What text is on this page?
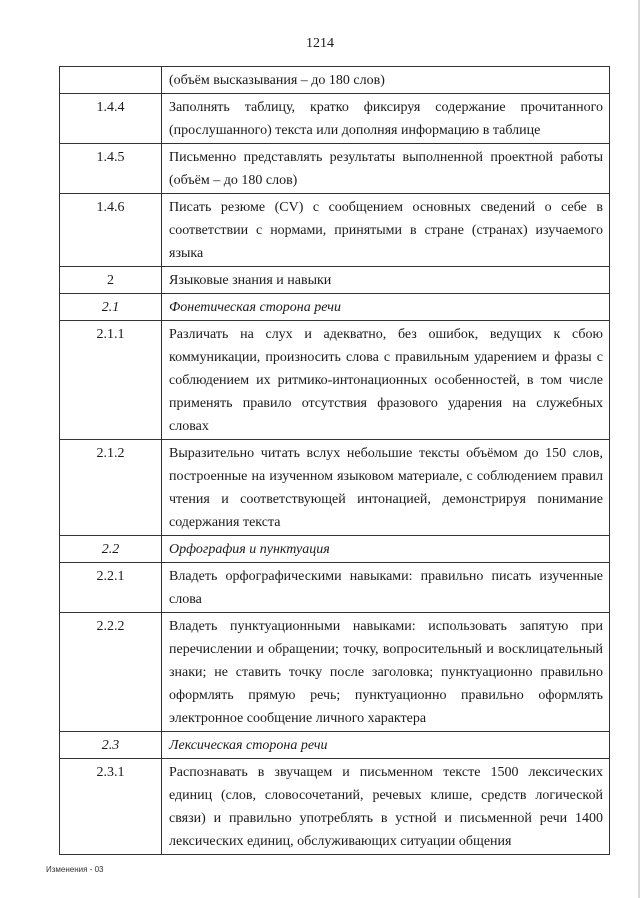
1214
	(объём высказывания – до 180 слов)
1.4.4	Заполнять таблицу, кратко фиксируя содержание прочитанного (прослушанного) текста или дополняя информацию в таблице
1.4.5	Письменно представлять результаты выполненной проектной работы (объём – до 180 слов)
1.4.6	Писать резюме (CV) с сообщением основных сведений о себе в соответствии с нормами, принятыми в стране (странах) изучаемого языка
2	Языковые знания и навыки
2.1	Фонетическая сторона речи
2.1.1	Различать на слух и адекватно, без ошибок, ведущих к сбою коммуникации, произносить слова с правильным ударением и фразы с соблюдением их ритмико-интонационных особенностей, в том числе применять правило отсутствия фразового ударения на служебных словах
2.1.2	Выразительно читать вслух небольшие тексты объёмом до 150 слов, построенные на изученном языковом материале, с соблюдением правил чтения и соответствующей интонацией, демонстрируя понимание содержания текста
2.2	Орфография и пунктуация
2.2.1	Владеть орфографическими навыками: правильно писать изученные слова
2.2.2	Владеть пунктуационными навыками: использовать запятую при перечислении и обращении; точку, вопросительный и восклицательный знаки; не ставить точку после заголовка; пунктуационно правильно оформлять прямую речь; пунктуационно правильно оформлять электронное сообщение личного характера
2.3	Лексическая сторона речи
2.3.1	Распознавать в звучащем и письменном тексте 1500 лексических единиц (слов, словосочетаний, речевых клише, средств логической связи) и правильно употреблять в устной и письменной речи 1400 лексических единиц, обслуживающих ситуации общения
Изменения - 03
